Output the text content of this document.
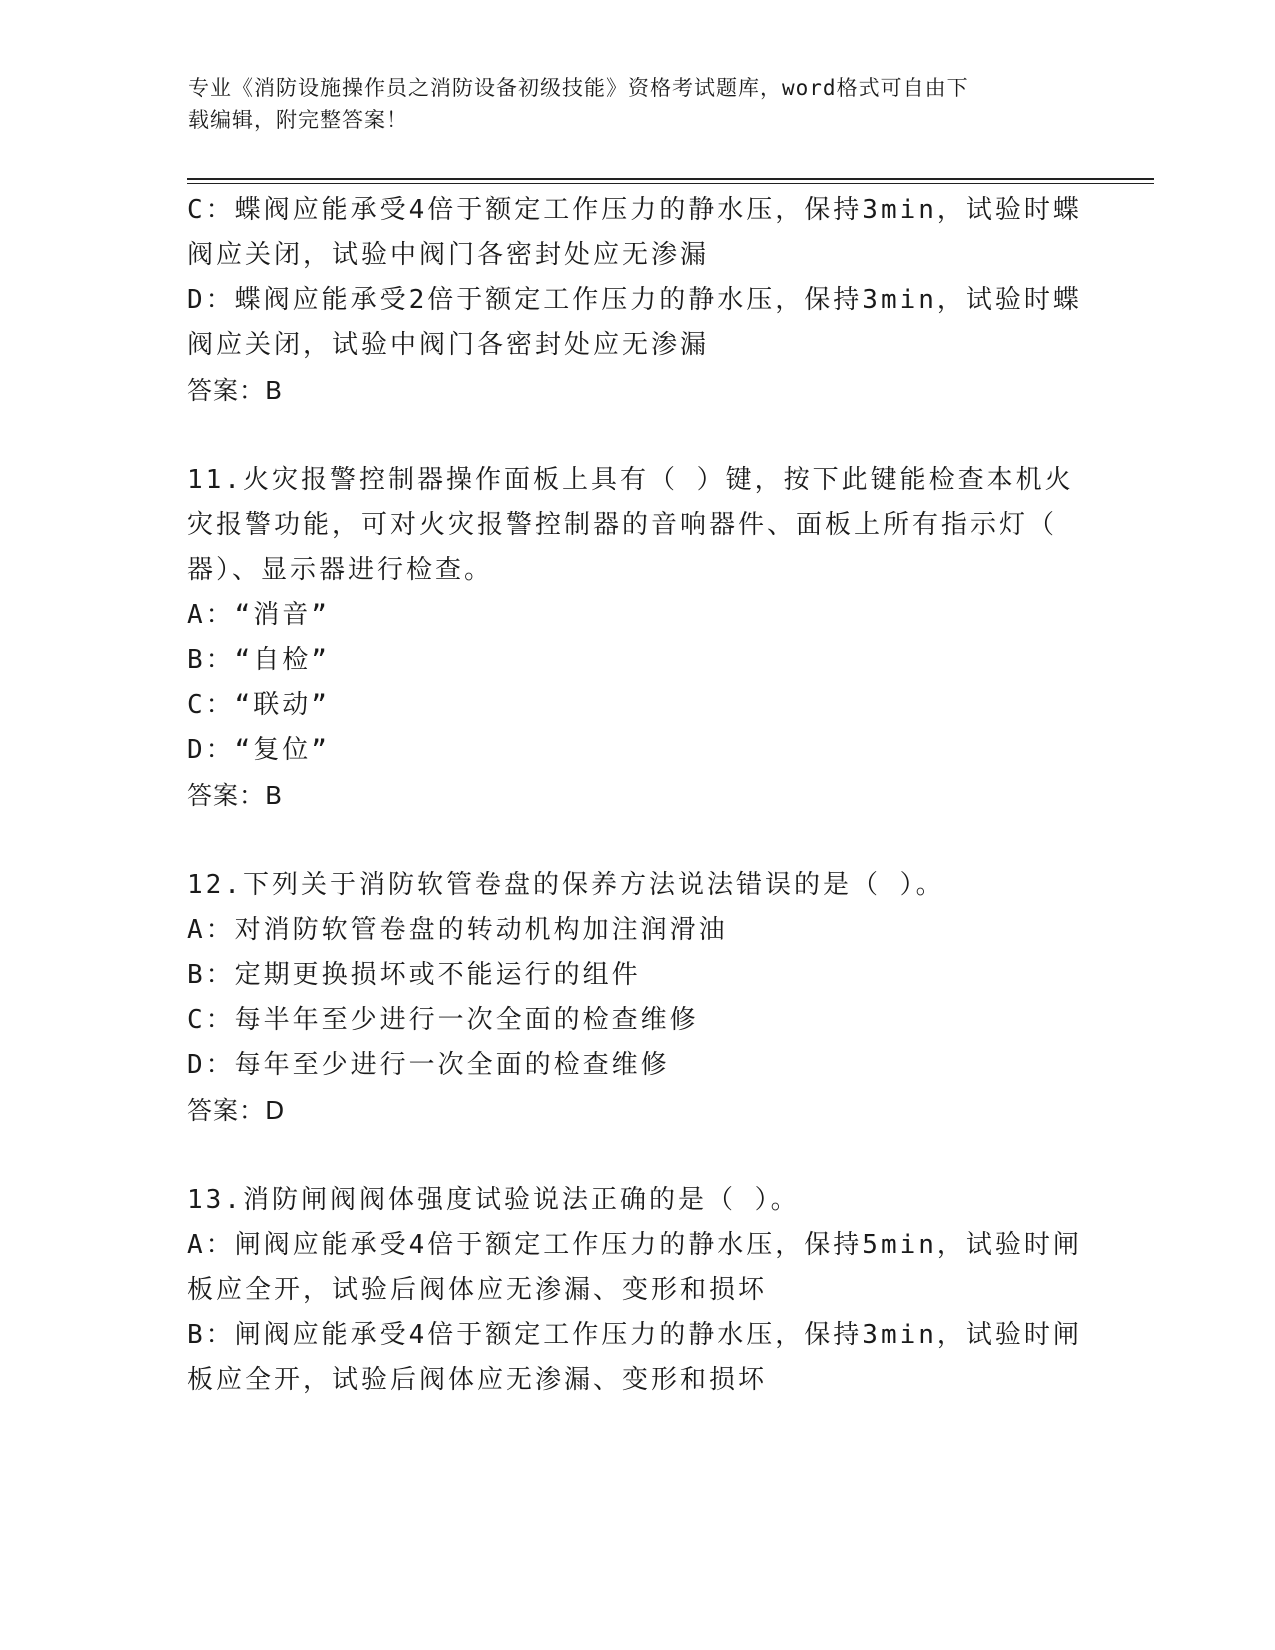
专业《消防设施操作员之消防设备初级技能》资格考试题库，word格式可自由下

载编辑，附完整答案！

C：蝶阀应能承受4倍于额定工作压力的静水压，保持3min，试验时蝶

阀应关闭，试验中阀门各密封处应无渗漏

D：蝶阀应能承受2倍于额定工作压力的静水压，保持3min，试验时蝶

阀应关闭，试验中阀门各密封处应无渗漏

答案：B

11.火灾报警控制器操作面板上具有（ ）键，按下此键能检查本机火

灾报警功能，可对火灾报警控制器的音响器件、面板上所有指示灯（

器）、显示器进行检查。

A：“消音”

B：“自检”

C：“联动”

D：“复位”

答案：B

12.下列关于消防软管卷盘的保养方法说法错误的是（ ）。

A：对消防软管卷盘的转动机构加注润滑油

B：定期更换损坏或不能运行的组件

C：每半年至少进行一次全面的检查维修

D：每年至少进行一次全面的检查维修

答案：D

13.消防闸阀阀体强度试验说法正确的是（ ）。

A：闸阀应能承受4倍于额定工作压力的静水压，保持5min，试验时闸

板应全开，试验后阀体应无渗漏、变形和损坏

B：闸阀应能承受4倍于额定工作压力的静水压，保持3min，试验时闸

板应全开，试验后阀体应无渗漏、变形和损坏
